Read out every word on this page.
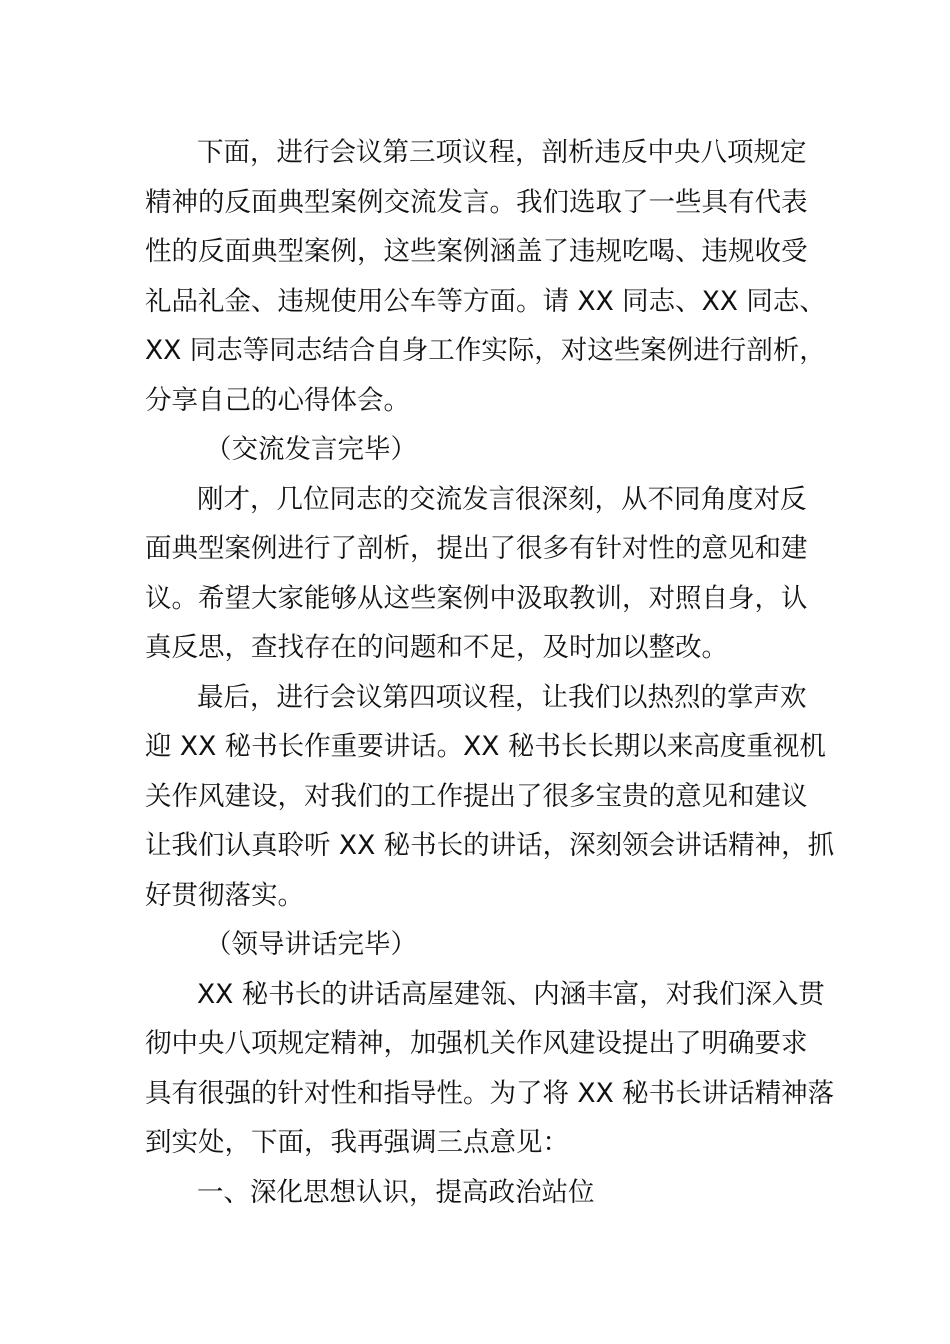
下面，进行会议第三项议程，剖析违反中央八项规定
精神的反面典型案例交流发言。我们选取了一些具有代表
性的反面典型案例，这些案例涵盖了违规吃喝、违规收受
礼品礼金、违规使用公车等方面。请 XX 同志、XX 同志、
XX 同志等同志结合自身工作实际，对这些案例进行剖析，
分享自己的心得体会。
（交流发言完毕）
刚才，几位同志的交流发言很深刻，从不同角度对反
面典型案例进行了剖析，提出了很多有针对性的意见和建
议。希望大家能够从这些案例中汲取教训，对照自身，认
真反思，查找存在的问题和不足，及时加以整改。
最后，进行会议第四项议程，让我们以热烈的掌声欢
迎 XX 秘书长作重要讲话。XX 秘书长长期以来高度重视机
关作风建设，对我们的工作提出了很多宝贵的意见和建议
让我们认真聆听 XX 秘书长的讲话，深刻领会讲话精神，抓
好贯彻落实。
（领导讲话完毕）
XX 秘书长的讲话高屋建瓴、内涵丰富，对我们深入贯
彻中央八项规定精神，加强机关作风建设提出了明确要求
具有很强的针对性和指导性。为了将 XX 秘书长讲话精神落
到实处，下面，我再强调三点意见：
一、深化思想认识，提高政治站位
